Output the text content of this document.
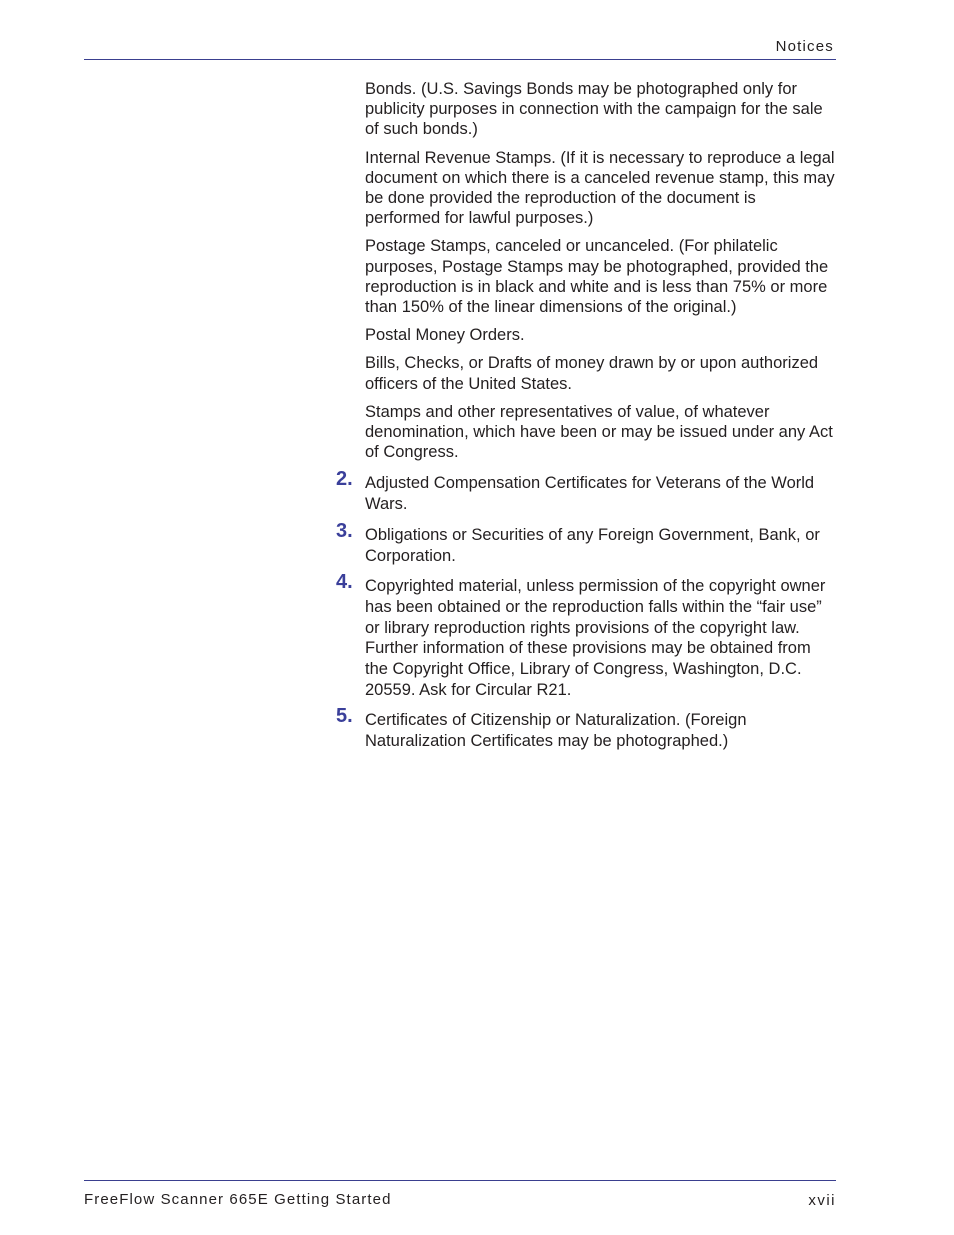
Notices

Bonds. (U.S. Savings Bonds may be photographed only for publicity purposes in connection with the campaign for the sale of such bonds.)

Internal Revenue Stamps. (If it is necessary to reproduce a legal document on which there is a canceled revenue stamp, this may be done provided the reproduction of the document is performed for lawful purposes.)

Postage Stamps, canceled or uncanceled. (For philatelic purposes, Postage Stamps may be photographed, provided the reproduction is in black and white and is less than 75% or more than 150% of the linear dimensions of the original.)

Postal Money Orders.

Bills, Checks, or Drafts of money drawn by or upon authorized officers of the United States.

Stamps and other representatives of value, of whatever denomination, which have been or may be issued under any Act of Congress.

2. Adjusted Compensation Certificates for Veterans of the World Wars.
3. Obligations or Securities of any Foreign Government, Bank, or Corporation.
4. Copyrighted material, unless permission of the copyright owner has been obtained or the reproduction falls within the “fair use” or library reproduction rights provisions of the copyright law. Further information of these provisions may be obtained from the Copyright Office, Library of Congress, Washington, D.C. 20559. Ask for Circular R21.
5. Certificates of Citizenship or Naturalization. (Foreign Naturalization Certificates may be photographed.)
FreeFlow Scanner 665E Getting Started	xvii
